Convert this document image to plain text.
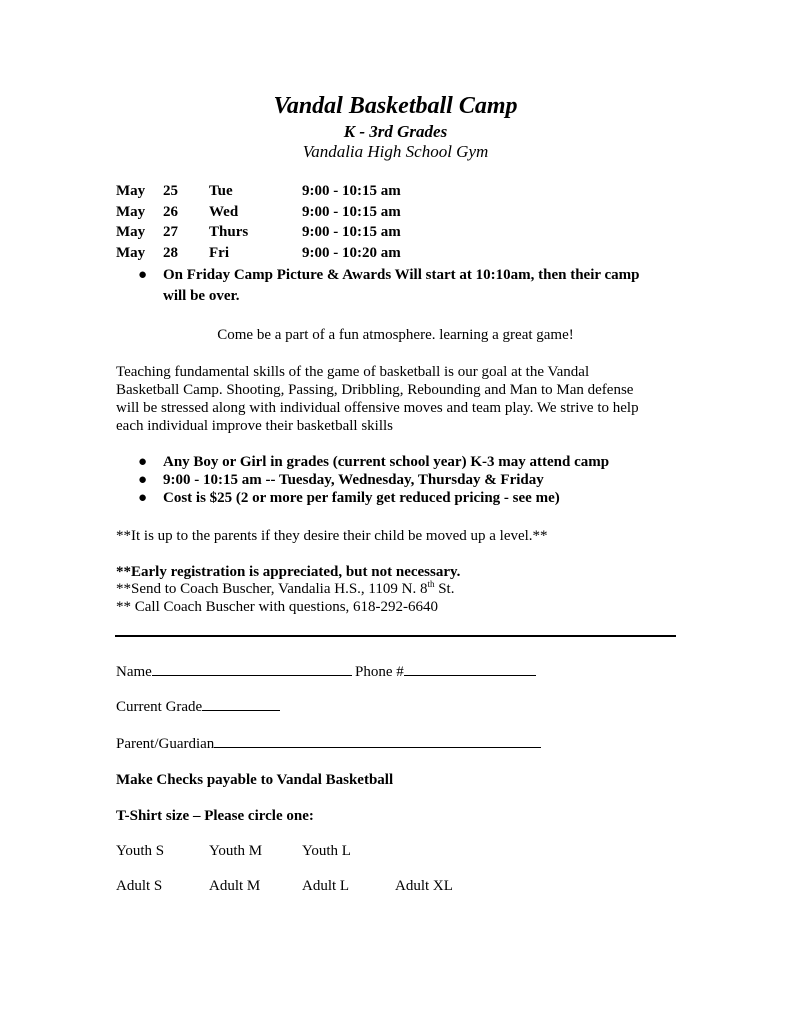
Vandal Basketball Camp
K - 3rd Grades
Vandalia High School Gym
May 25 Tue	9:00 - 10:15 am
May 26 Wed	9:00 - 10:15 am
May 27 Thurs	9:00 - 10:15 am
May 28 Fri	9:00 - 10:20 am
● On Friday Camp Picture & Awards Will start at 10:10am, then their camp
will be over.
Come be a part of a fun atmosphere. learning a great game!
Teaching fundamental skills of the game of basketball is our goal at the Vandal
Basketball Camp. Shooting, Passing, Dribbling, Rebounding and Man to Man defense
will be stressed along with individual offensive moves and team play. We strive to help
each individual improve their basketball skills
● Any Boy or Girl in grades (current school year) K-3 may attend camp
● 9:00 - 10:15 am -- Tuesday, Wednesday, Thursday & Friday
● Cost is $25 (2 or more per family get reduced pricing - see me)
**It is up to the parents if they desire their child be moved up a level.**
**Early registration is appreciated, but not necessary.
**Send to Coach Buscher, Vandalia H.S., 1109 N. 8th St.
** Call Coach Buscher with questions, 618-292-6640
Name	Phone #
Current Grade
Parent/Guardian
Make Checks payable to Vandal Basketball
T-Shirt size – Please circle one:
Youth S	Youth M	Youth L
Adult S	Adult M	Adult L	Adult XL
